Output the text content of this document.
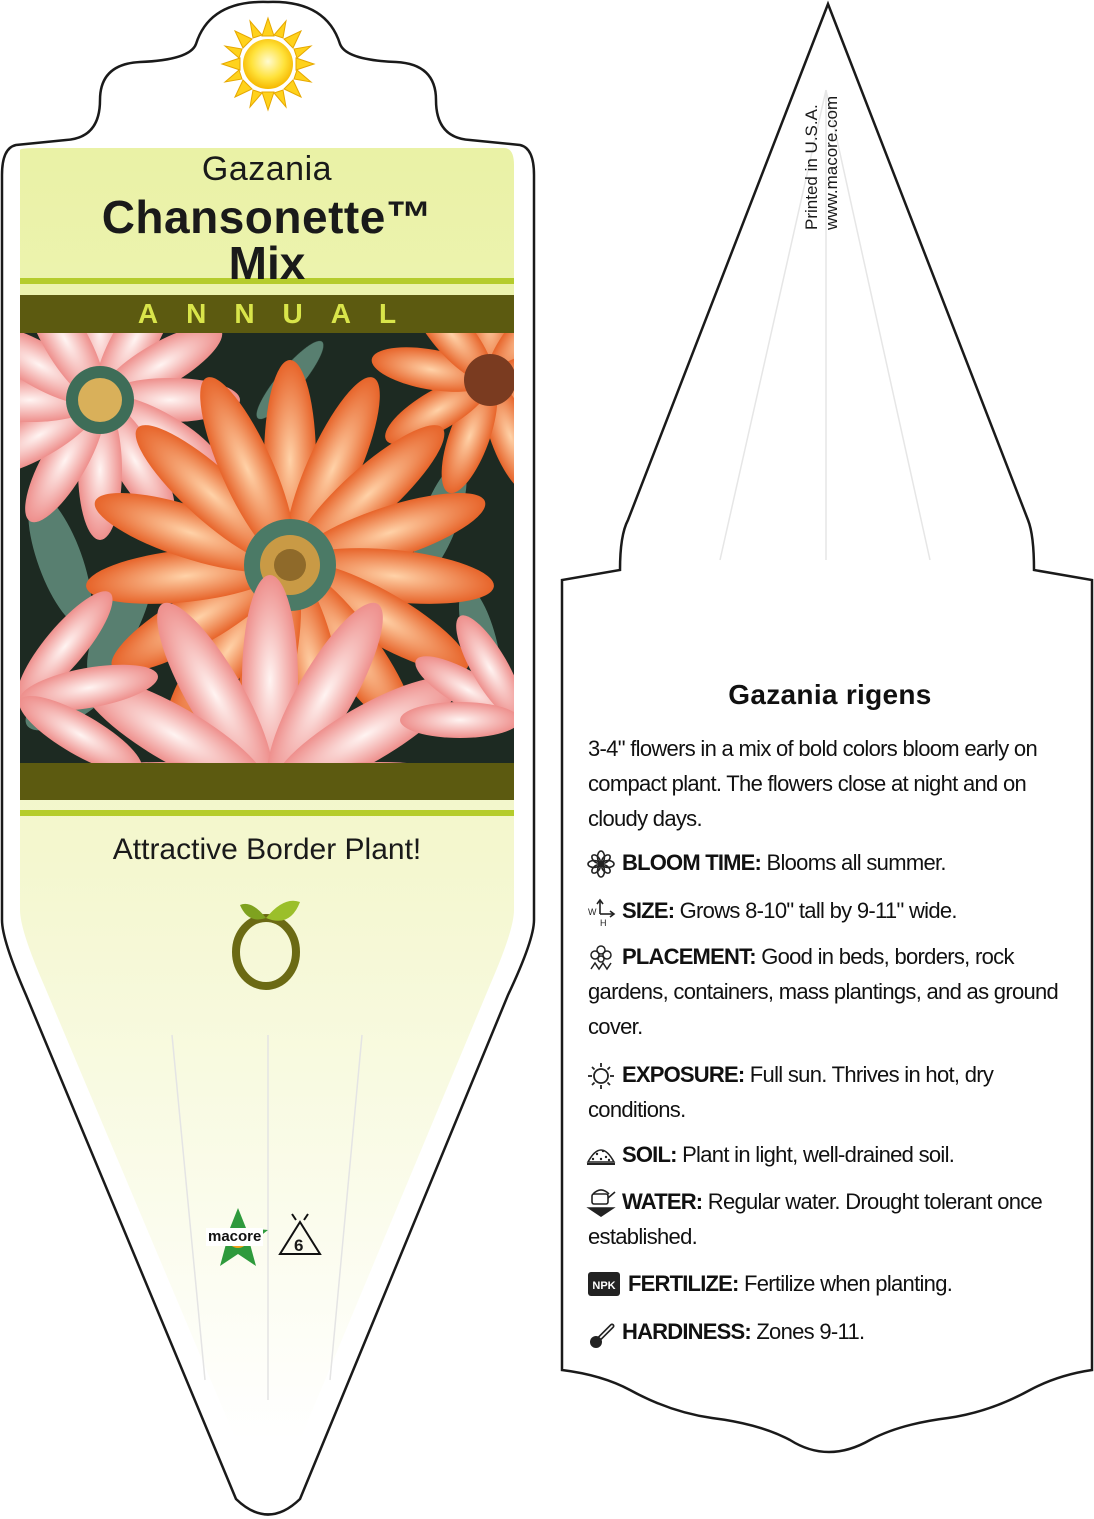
W
H
NPK
Gazania
Chansonette™
Mix
ANNUAL
Attractive Border Plant!
macore 6
Printed in U.S.A. www.macore.com
Gazania rigens
3-4" flowers in a mix of bold colors bloom early on compact plant. The flowers close at night and on cloudy days.
BLOOM TIME: Blooms all summer.
SIZE: Grows 8-10" tall by 9-11" wide.
PLACEMENT: Good in beds, borders, rock gardens, containers, mass plantings, and as ground cover.
EXPOSURE: Full sun. Thrives in hot, dry conditions.
SOIL: Plant in light, well-drained soil.
WATER: Regular water. Drought tolerant once established.
FERTILIZE: Fertilize when planting.
HARDINESS: Zones 9-11.
